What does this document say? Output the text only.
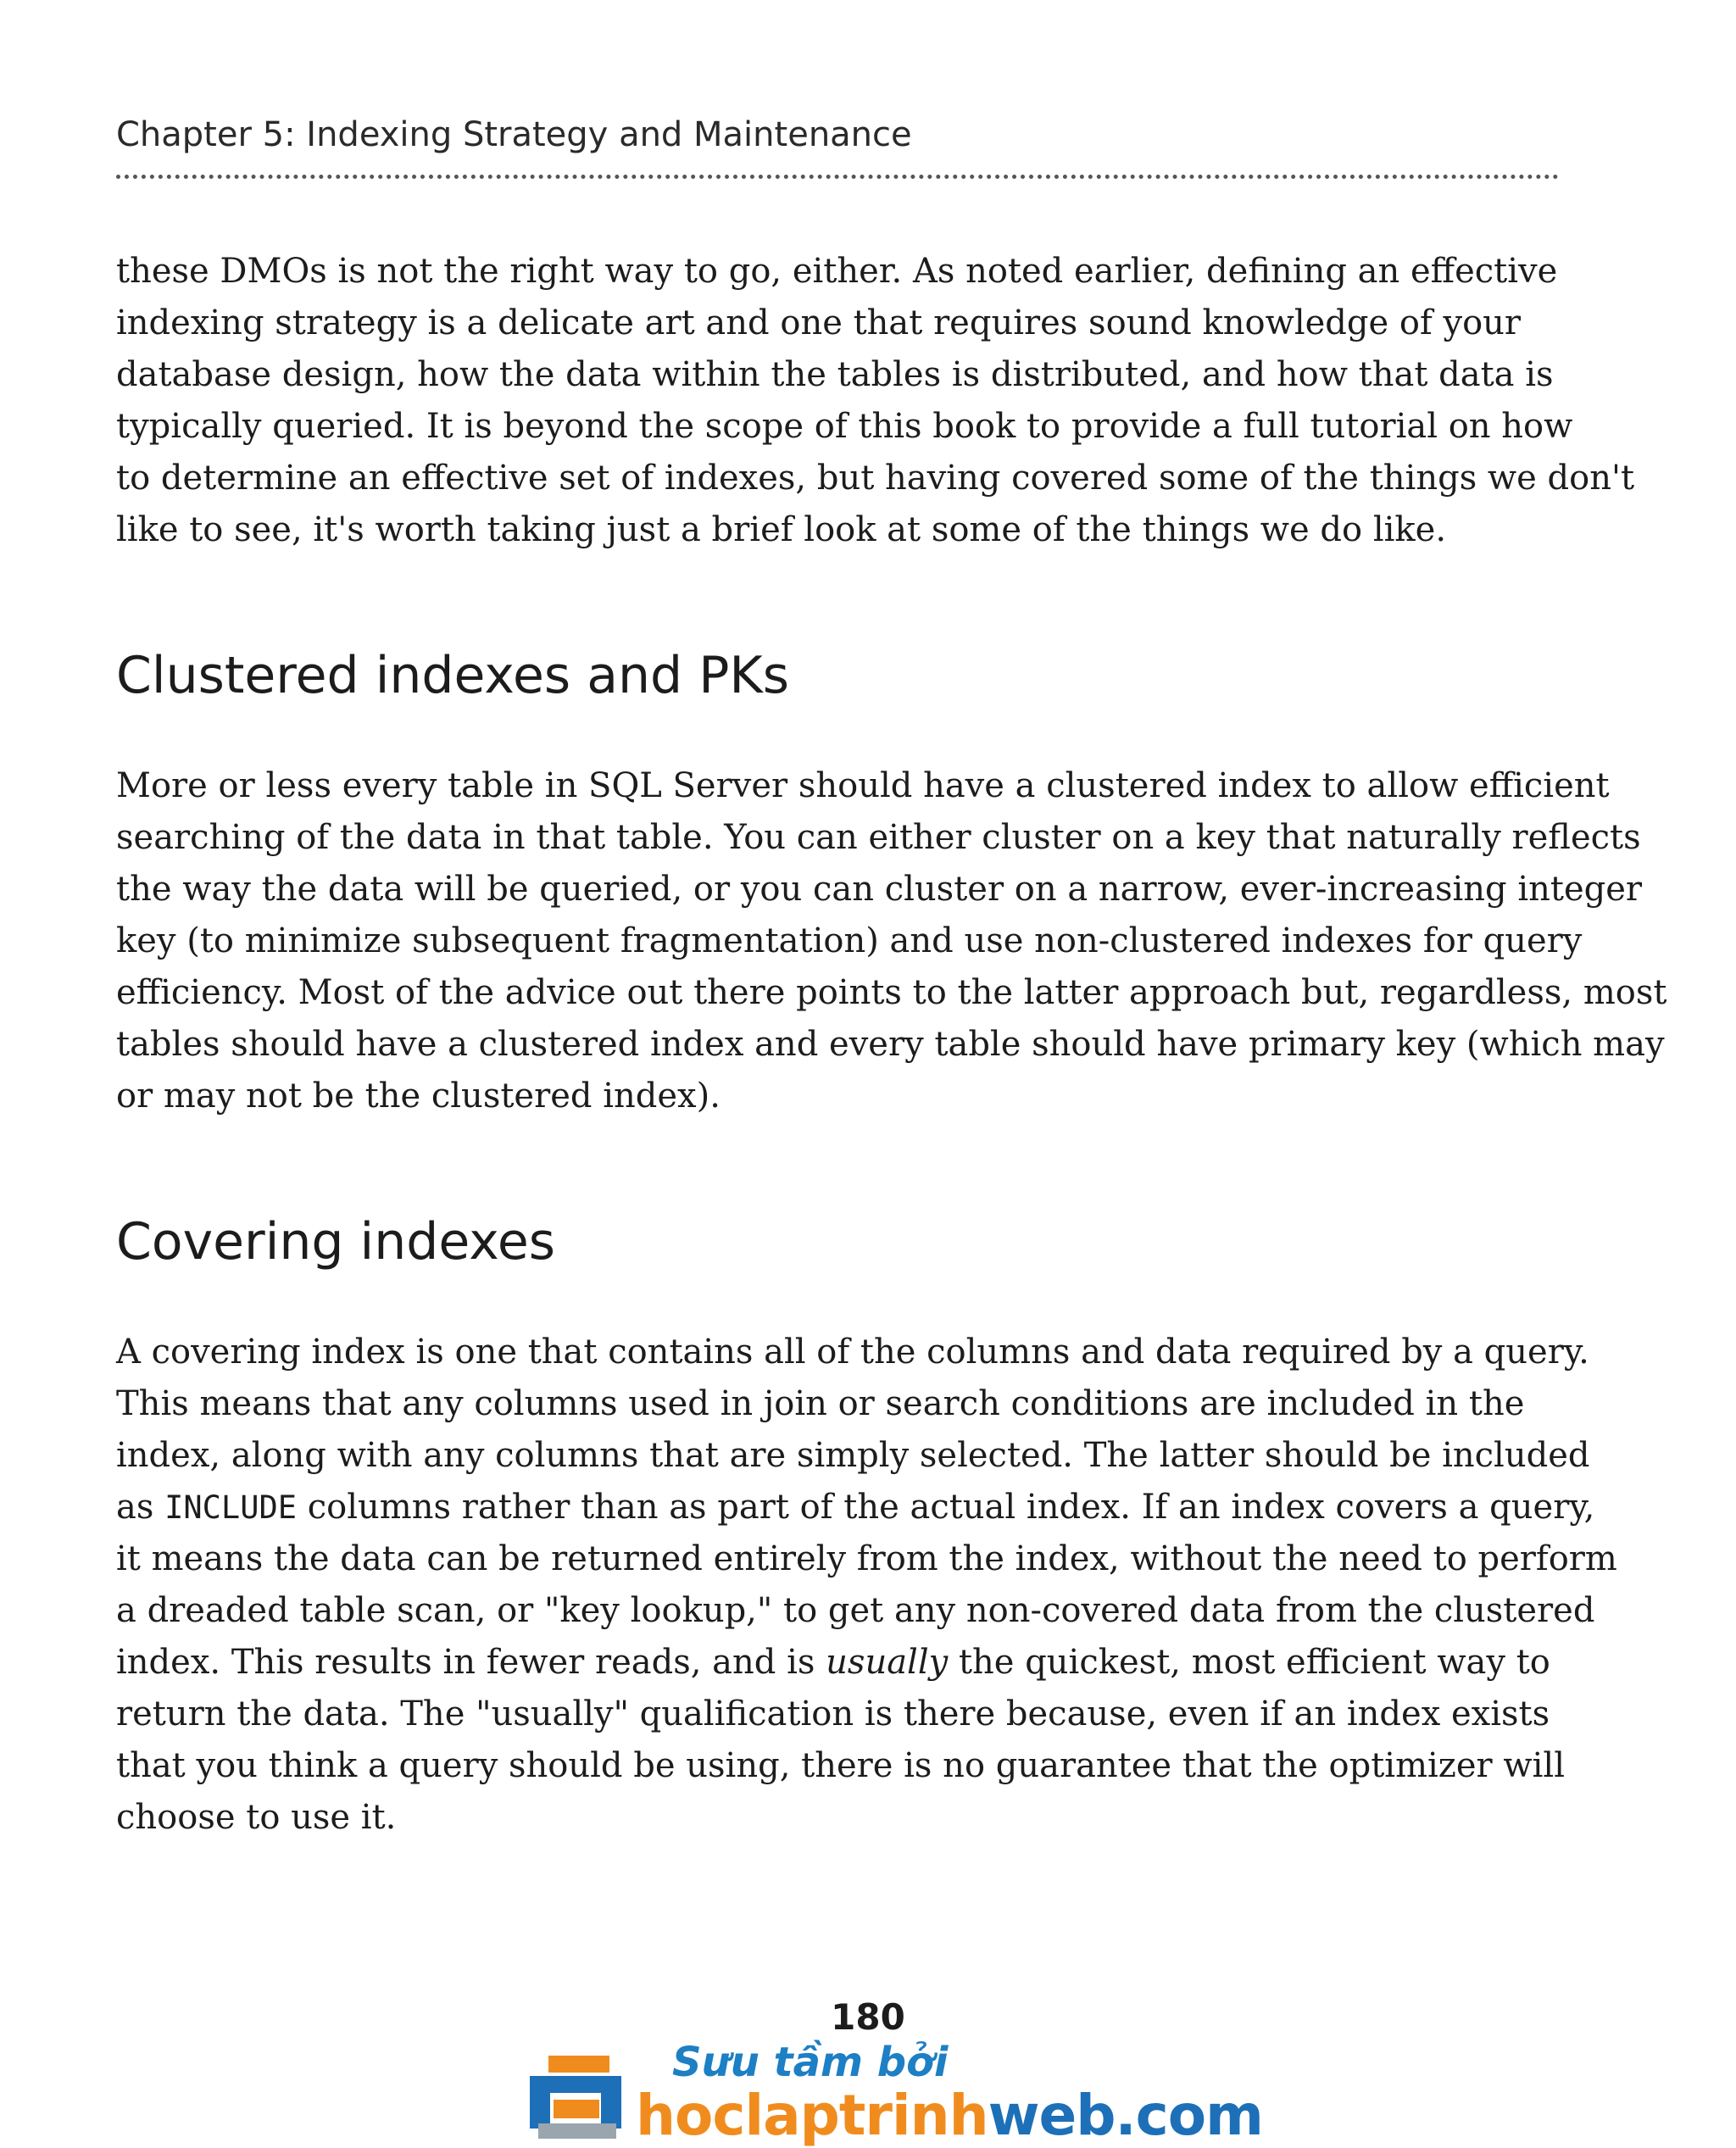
Chapter 5: Indexing Strategy and Maintenance
these DMOs is not the right way to go, either. As noted earlier, defining an effective
indexing strategy is a delicate art and one that requires sound knowledge of your
database design, how the data within the tables is distributed, and how that data is
typically queried. It is beyond the scope of this book to provide a full tutorial on how
to determine an effective set of indexes, but having covered some of the things we don't
like to see, it's worth taking just a brief look at some of the things we do like.
Clustered indexes and PKs
More or less every table in SQL Server should have a clustered index to allow efficient
searching of the data in that table. You can either cluster on a key that naturally reflects
the way the data will be queried, or you can cluster on a narrow, ever-increasing integer
key (to minimize subsequent fragmentation) and use non-clustered indexes for query
efficiency. Most of the advice out there points to the latter approach but, regardless, most
tables should have a clustered index and every table should have primary key (which may
or may not be the clustered index).
Covering indexes
A covering index is one that contains all of the columns and data required by a query.
This means that any columns used in join or search conditions are included in the
index, along with any columns that are simply selected. The latter should be included
as INCLUDE columns rather than as part of the actual index. If an index covers a query,
it means the data can be returned entirely from the index, without the need to perform
a dreaded table scan, or "key lookup," to get any non-covered data from the clustered
index. This results in fewer reads, and is usually the quickest, most efficient way to
return the data. The "usually" qualification is there because, even if an index exists
that you think a query should be using, there is no guarantee that the optimizer will
choose to use it.
180
Sưu tầm bởi
hoclaptrinhweb.com
